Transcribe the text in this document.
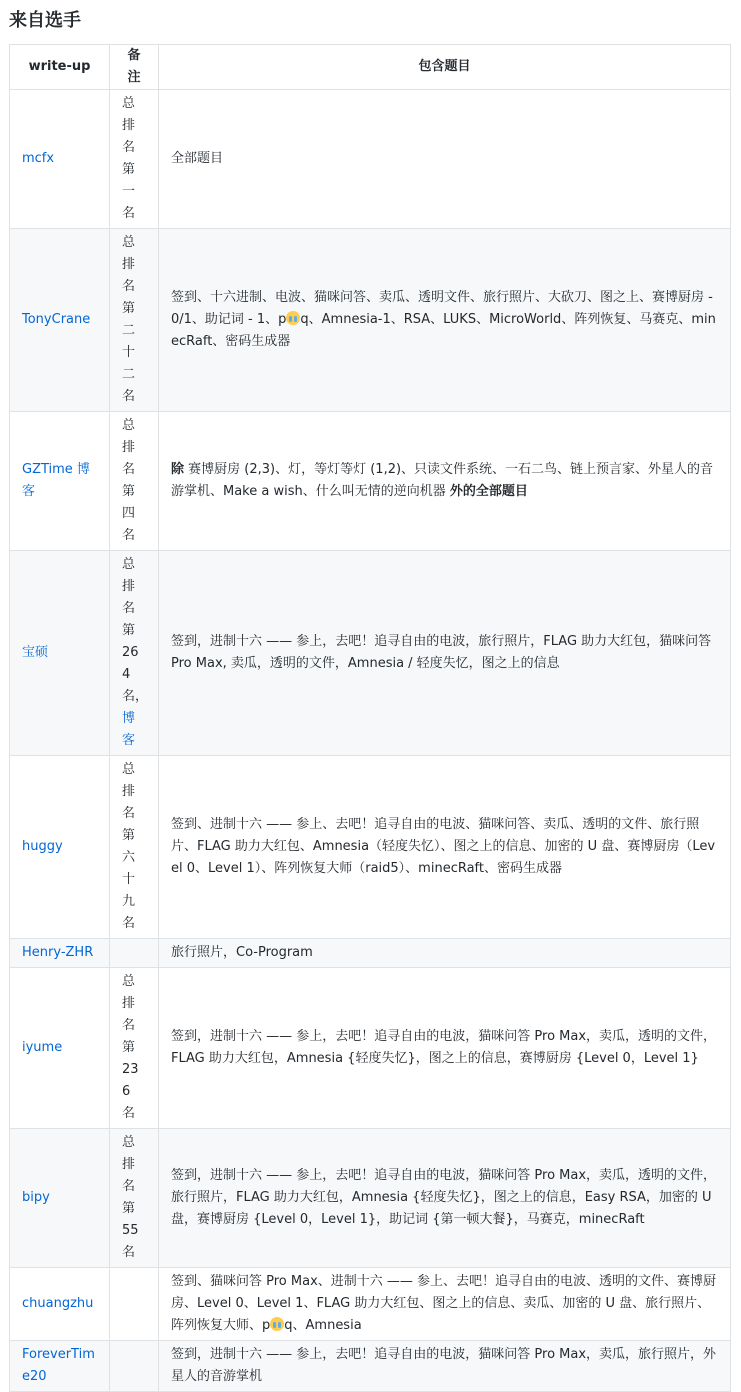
来自选手
write-up	备注	包含题目
mcfx	总排名第一名	全部题目
TonyCrane	总排名第二十二名	签到、十六进制、电波、猫咪问答、卖瓜、透明文件、旅行照片、大砍刀、图之上、赛博厨房 - 0/1、助记词 - 1、p q、Amnesia-1、RSA、LUKS、MicroWorld、阵列恢复、马赛克、minecRaft、密码生成器
GZTime 博客	总排名第四名	除 赛博厨房 (2,3)、灯，等灯等灯 (1,2)、只读文件系统、一石二鸟、链上预言家、外星人的音游掌机、Make a wish、什么叫无情的逆向机器 外的全部题目
宝硕	总排名第 264 名，博客	签到，进制十六 —— 参上，去吧！追寻自由的电波，旅行照片，FLAG 助力大红包，猫咪问答 Pro Max, 卖瓜，透明的文件，Amnesia / 轻度失忆，图之上的信息
huggy	总排名第六十九名	签到、进制十六 —— 参上、去吧！追寻自由的电波、猫咪问答、卖瓜、透明的文件、旅行照片、FLAG 助力大红包、Amnesia（轻度失忆）、图之上的信息、加密的 U 盘、赛博厨房（Level 0、Level 1）、阵列恢复大师（raid5）、minecRaft、密码生成器
Henry-ZHR		旅行照片，Co-Program
iyume	总排名第 236 名	签到，进制十六 —— 参上，去吧！追寻自由的电波，猫咪问答 Pro Max，卖瓜，透明的文件，FLAG 助力大红包，Amnesia {轻度失忆}，图之上的信息，赛博厨房 {Level 0，Level 1}
bipy	总排名第 55 名	签到，进制十六 —— 参上，去吧！追寻自由的电波，猫咪问答 Pro Max，卖瓜，透明的文件，旅行照片，FLAG 助力大红包，Amnesia {轻度失忆}，图之上的信息，Easy RSA，加密的 U 盘，赛博厨房 {Level 0，Level 1}，助记词 {第一顿大餐}，马赛克，minecRaft
chuangzhu		签到、猫咪问答 Pro Max、进制十六 —— 参上、去吧！追寻自由的电波、透明的文件、赛博厨房、Level 0、Level 1、FLAG 助力大红包、图之上的信息、卖瓜、加密的 U 盘、旅行照片、阵列恢复大师、p q、Amnesia
ForeverTime20		签到，进制十六 —— 参上，去吧！追寻自由的电波，猫咪问答 Pro Max，卖瓜，旅行照片，外星人的音游掌机
